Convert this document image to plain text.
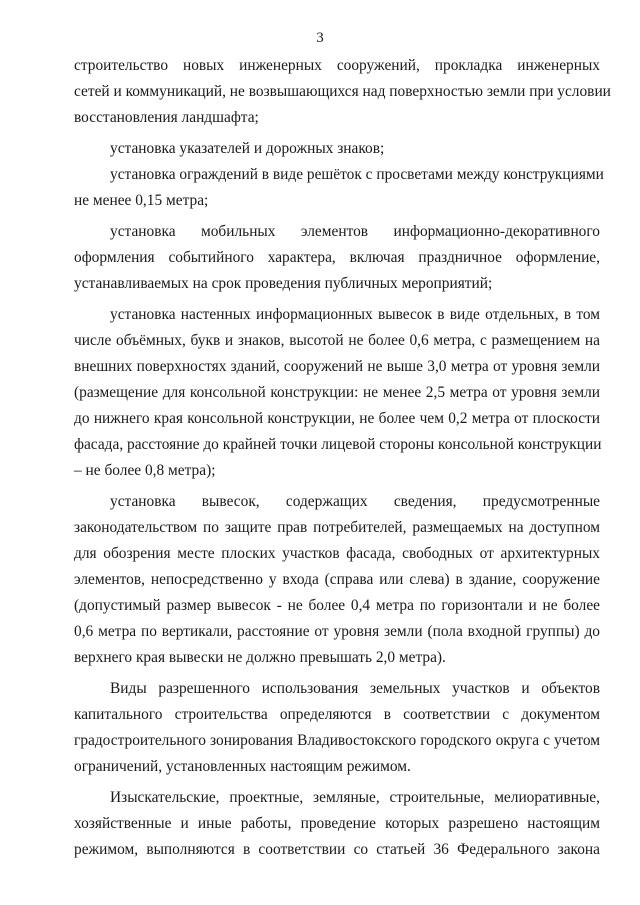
3
строительство новых инженерных сооружений, прокладка инженерных
сетей и коммуникаций, не возвышающихся над поверхностью земли при условии
восстановления ландшафта;
установка указателей и дорожных знаков;
установка ограждений в виде решёток с просветами между конструкциями
не менее 0,15 метра;
установка мобильных элементов информационно-декоративного
оформления событийного характера, включая праздничное оформление,
устанавливаемых на срок проведения публичных мероприятий;
установка настенных информационных вывесок в виде отдельных, в том
числе объёмных, букв и знаков, высотой не более 0,6 метра, с размещением на
внешних поверхностях зданий, сооружений не выше 3,0 метра от уровня земли
(размещение для консольной конструкции: не менее 2,5 метра от уровня земли
до нижнего края консольной конструкции, не более чем 0,2 метра от плоскости
фасада, расстояние до крайней точки лицевой стороны консольной конструкции
– не более 0,8 метра);
установка вывесок, содержащих сведения, предусмотренные
законодательством по защите прав потребителей, размещаемых на доступном
для обозрения месте плоских участков фасада, свободных от архитектурных
элементов, непосредственно у входа (справа или слева) в здание, сооружение
(допустимый размер вывесок - не более 0,4 метра по горизонтали и не более
0,6 метра по вертикали, расстояние от уровня земли (пола входной группы) до
верхнего края вывески не должно превышать 2,0 метра).
Виды разрешенного использования земельных участков и объектов
капитального строительства определяются в соответствии с документом
градостроительного зонирования Владивостокского городского округа с учетом
ограничений, установленных настоящим режимом.
Изыскательские, проектные, земляные, строительные, мелиоративные,
хозяйственные и иные работы, проведение которых разрешено настоящим
режимом, выполняются в соответствии со статьей 36 Федерального закона
